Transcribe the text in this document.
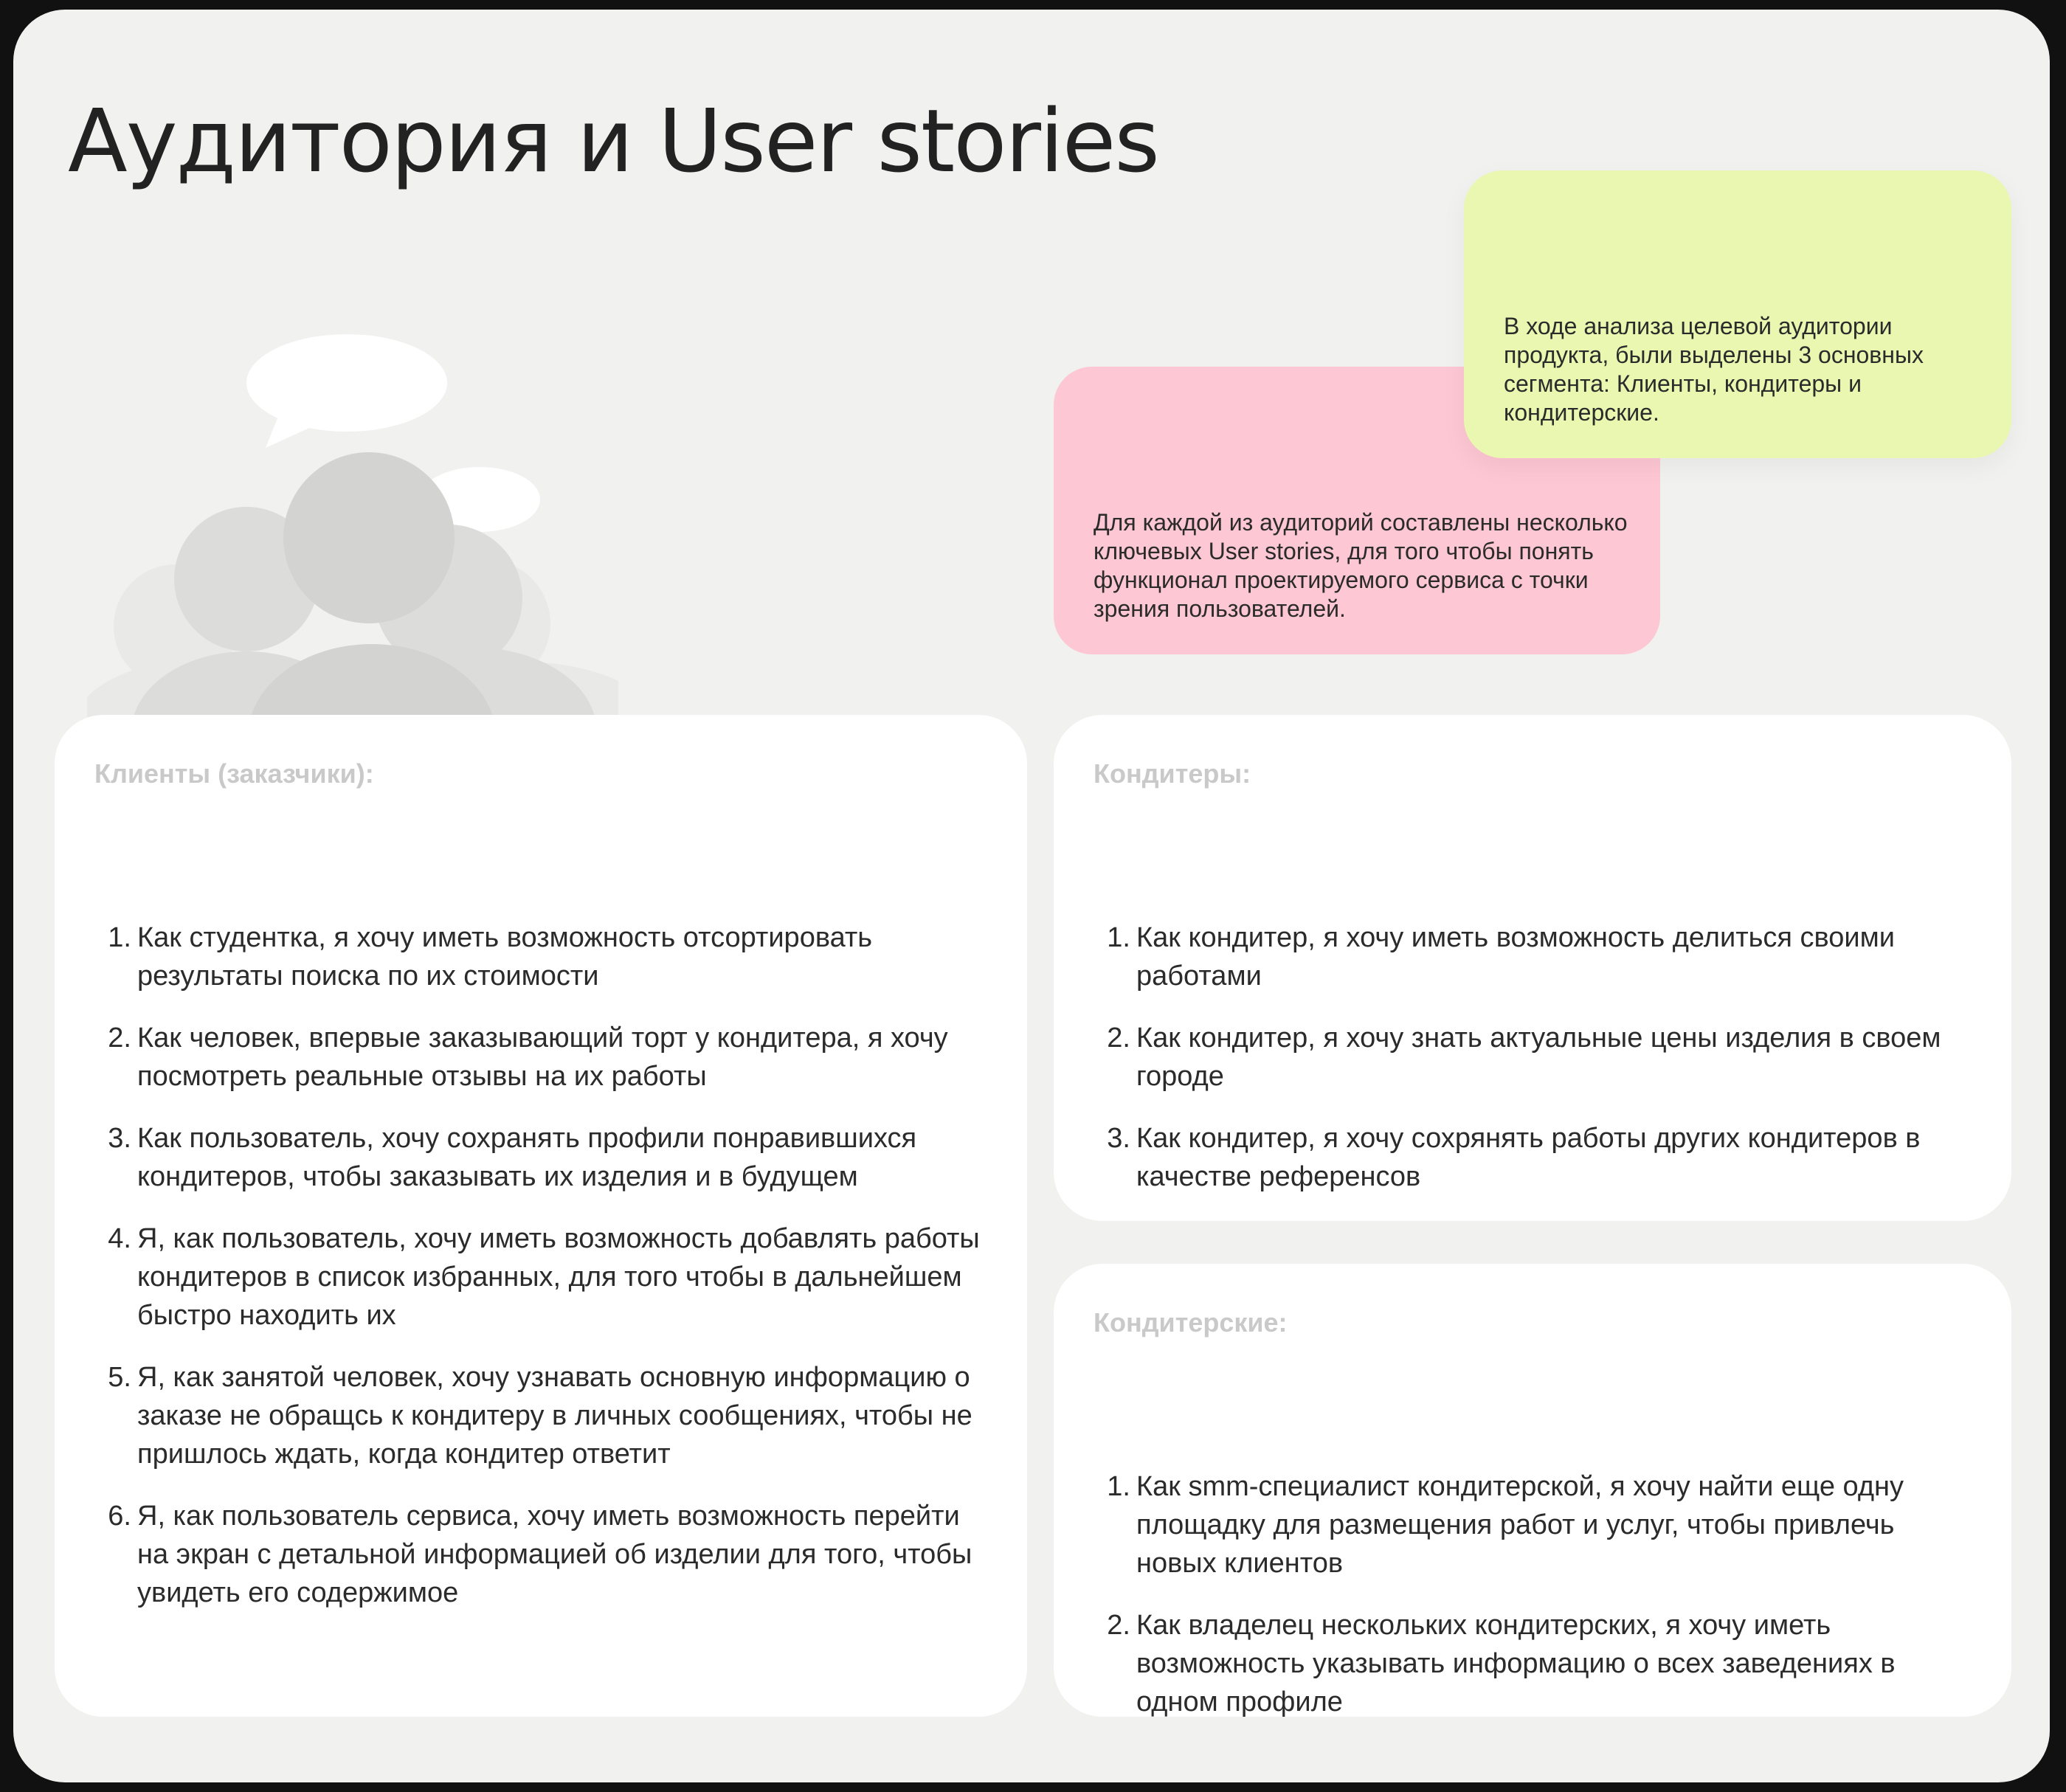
Аудитория и User stories
Для каждой из аудиторий составлены несколько ключевых User stories, для того чтобы понять функционал проектируемого сервиса с точки зрения пользователей.
В ходе анализа целевой аудитории продукта, были выделены 3 основных сегмента: Клиенты, кондитеры и кондитерские.
Клиенты (заказчики):
1. Как студентка, я хочу иметь возможность отсортировать результаты поиска по их стоимости
2. Как человек, впервые заказывающий торт у кондитера, я хочу посмотреть реальные отзывы на их работы
3. Как пользователь, хочу сохранять профили понравившихся кондитеров, чтобы заказывать их изделия и в будущем
4. Я, как пользователь, хочу иметь возможность добавлять работы кондитеров в список избранных, для того чтобы в дальнейшем быстро находить их
5. Я, как занятой человек, хочу узнавать основную информацию о заказе не обращсь к кондитеру в личных сообщениях, чтобы не пришлось ждать, когда кондитер ответит
6. Я, как пользователь сервиса, хочу иметь возможность перейти на экран с детальной информацией об изделии для того, чтобы увидеть его содержимое
Кондитеры:
1. Как кондитер, я хочу иметь возможность делиться своими работами
2. Как кондитер, я хочу знать актуальные цены изделия в своем городе
3. Как кондитер, я хочу сохрянять работы других кондитеров в качестве референсов
Кондитерские:
1. Как smm-специалист кондитерской, я хочу найти еще одну площадку для размещения работ и услуг, чтобы привлечь новых клиентов
2. Как владелец нескольких кондитерских, я хочу иметь возможность указывать информацию о всех заведениях в одном профиле
